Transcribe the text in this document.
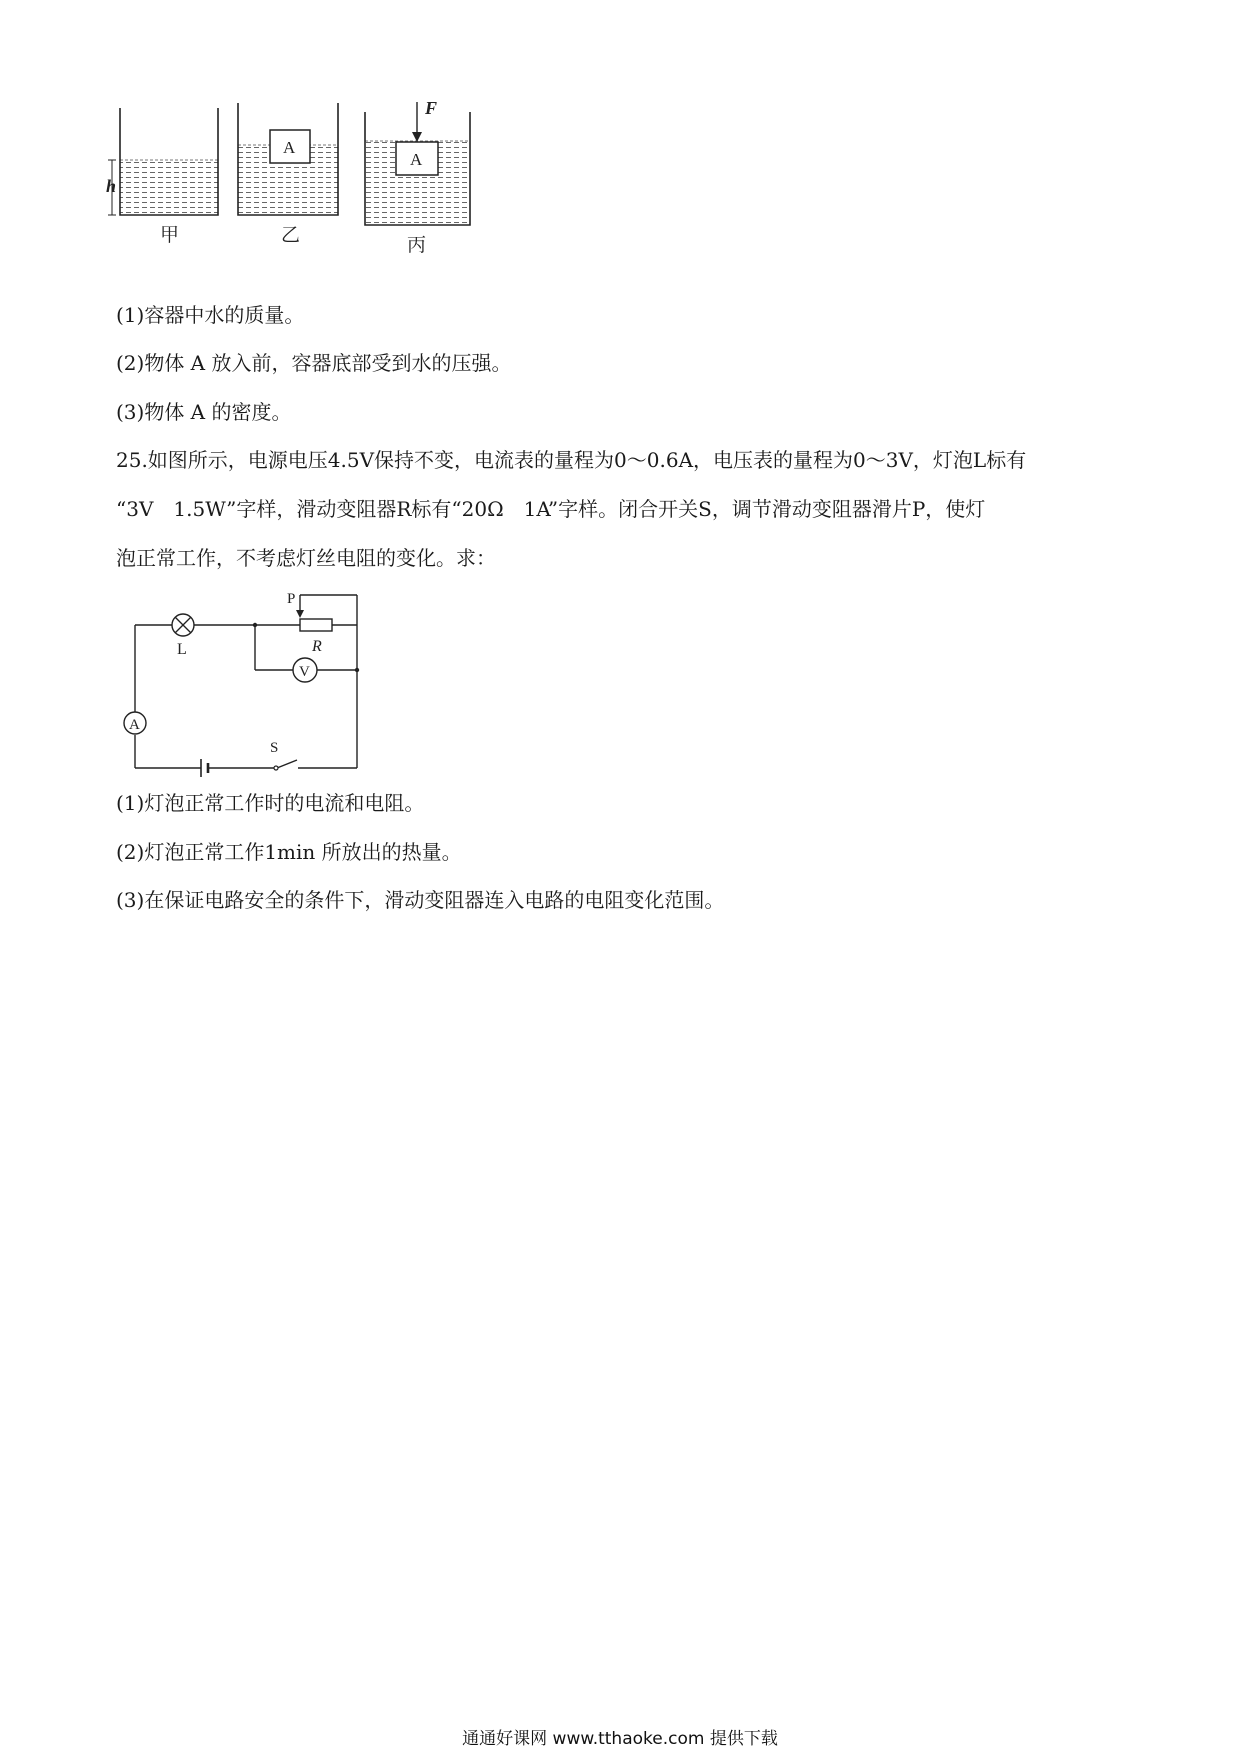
h
甲
A
乙
A
F
丙
(1)容器中水的质量。
(2)物体 A 放入前，容器底部受到水的压强。
(3)物体 A 的密度。
25.如图所示，电源电压4.5V保持不变，电流表的量程为0～0.6A，电压表的量程为0～3V，灯泡L标有
“3V　1.5W”字样，滑动变阻器R标有“20Ω　1A”字样。闭合开关S，调节滑动变阻器滑片P，使灯
泡正常工作，不考虑灯丝电阻的变化。求：
L
A
V
P
R
S
(1)灯泡正常工作时的电流和电阻。
(2)灯泡正常工作1min 所放出的热量。
(3)在保证电路安全的条件下，滑动变阻器连入电路的电阻变化范围。
通通好课网 www.tthaoke.com 提供下载
